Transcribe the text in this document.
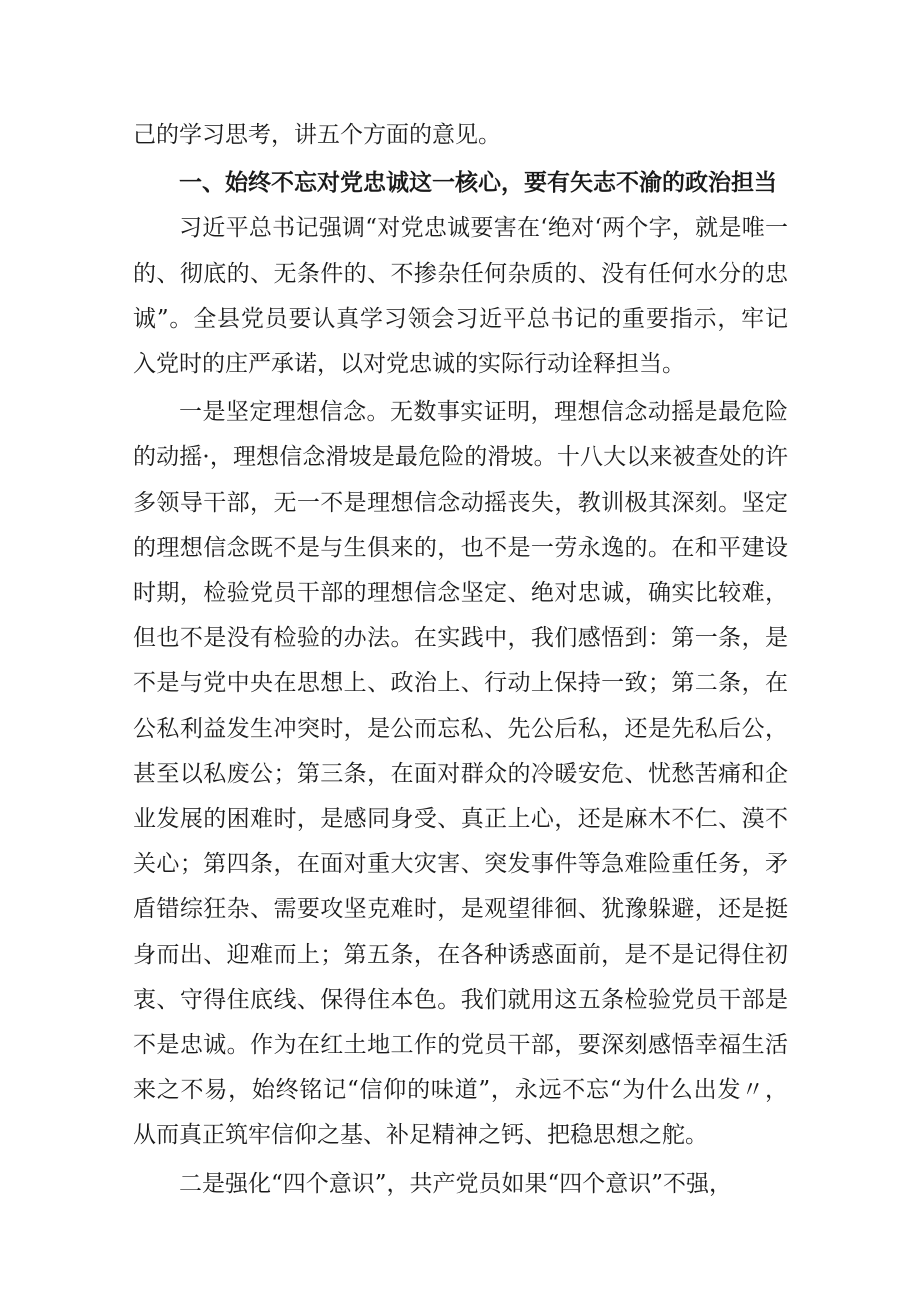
己的学习思考，讲五个方面的意见。

一、始终不忘对党忠诚这一核心，要有矢志不渝的政治担当

习近平总书记强调“对党忠诚要害在‘绝对‘两个字，就是唯一的、彻底的、无条件的、不掺杂任何杂质的、没有任何水分的忠诚”。全县党员要认真学习领会习近平总书记的重要指示，牢记入党时的庄严承诺，以对党忠诚的实际行动诠释担当。

一是坚定理想信念。无数事实证明，理想信念动摇是最危险的动摇·，理想信念滑坡是最危险的滑坡。十八大以来被查处的许多领导干部，无一不是理想信念动摇丧失，教训极其深刻。坚定的理想信念既不是与生俱来的，也不是一劳永逸的。在和平建设时期，检验党员干部的理想信念坚定、绝对忠诚，确实比较难，但也不是没有检验的办法。在实践中，我们感悟到：第一条，是不是与党中央在思想上、政治上、行动上保持一致；第二条，在公私利益发生冲突时，是公而忘私、先公后私，还是先私后公，甚至以私废公；第三条，在面对群众的冷暖安危、忧愁苦痛和企业发展的困难时，是感同身受、真正上心，还是麻木不仁、漠不关心；第四条，在面对重大灾害、突发事件等急难险重任务，矛盾错综狂杂、需要攻坚克难时，是观望徘徊、犹豫躲避，还是挺身而出、迎难而上；第五条，在各种诱惑面前，是不是记得住初衷、守得住底线、保得住本色。我们就用这五条检验党员干部是不是忠诚。作为在红土地工作的党员干部，要深刻感悟幸福生活来之不易，始终铭记“信仰的味道”，永远不忘“为什么出发〃，从而真正筑牢信仰之基、补足精神之钙、把稳思想之舵。

二是强化“四个意识”，共产党员如果“四个意识”不强，
